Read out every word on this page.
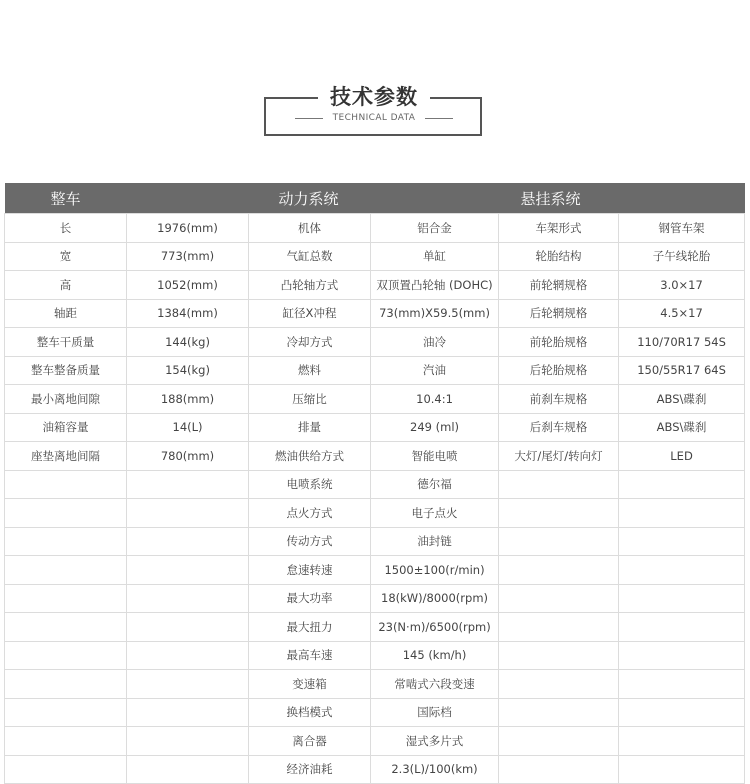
技术参数
TECHNICAL DATA
整车		动力系统		悬挂系统	
长	1976(mm)	机体	铝合金	车架形式	钢管车架
宽	773(mm)	气缸总数	单缸	轮胎结构	子午线轮胎
高	1052(mm)	凸轮轴方式	双顶置凸轮轴 (DOHC)	前轮辋规格	3.0×17
轴距	1384(mm)	缸径X冲程	73(mm)X59.5(mm)	后轮辋规格	4.5×17
整车干质量	144(kg)	冷却方式	油冷	前轮胎规格	110/70R17 54S
整车整备质量	154(kg)	燃料	汽油	后轮胎规格	150/55R17 64S
最小离地间隙	188(mm)	压缩比	10.4:1	前刹车规格	ABS\碟刹
油箱容量	14(L)	排量	249 (ml)	后刹车规格	ABS\碟刹
座垫离地间隔	780(mm)	燃油供给方式	智能电喷	大灯/尾灯/转向灯	LED
		电喷系统	德尔福		
		点火方式	电子点火		
		传动方式	油封链		
		怠速转速	1500±100(r/min)		
		最大功率	18(kW)/8000(rpm)		
		最大扭力	23(N·m)/6500(rpm)		
		最高车速	145 (km/h)		
		变速箱	常啮式六段变速		
		换档模式	国际档		
		离合器	湿式多片式		
		经济油耗	2.3(L)/100(km)		
